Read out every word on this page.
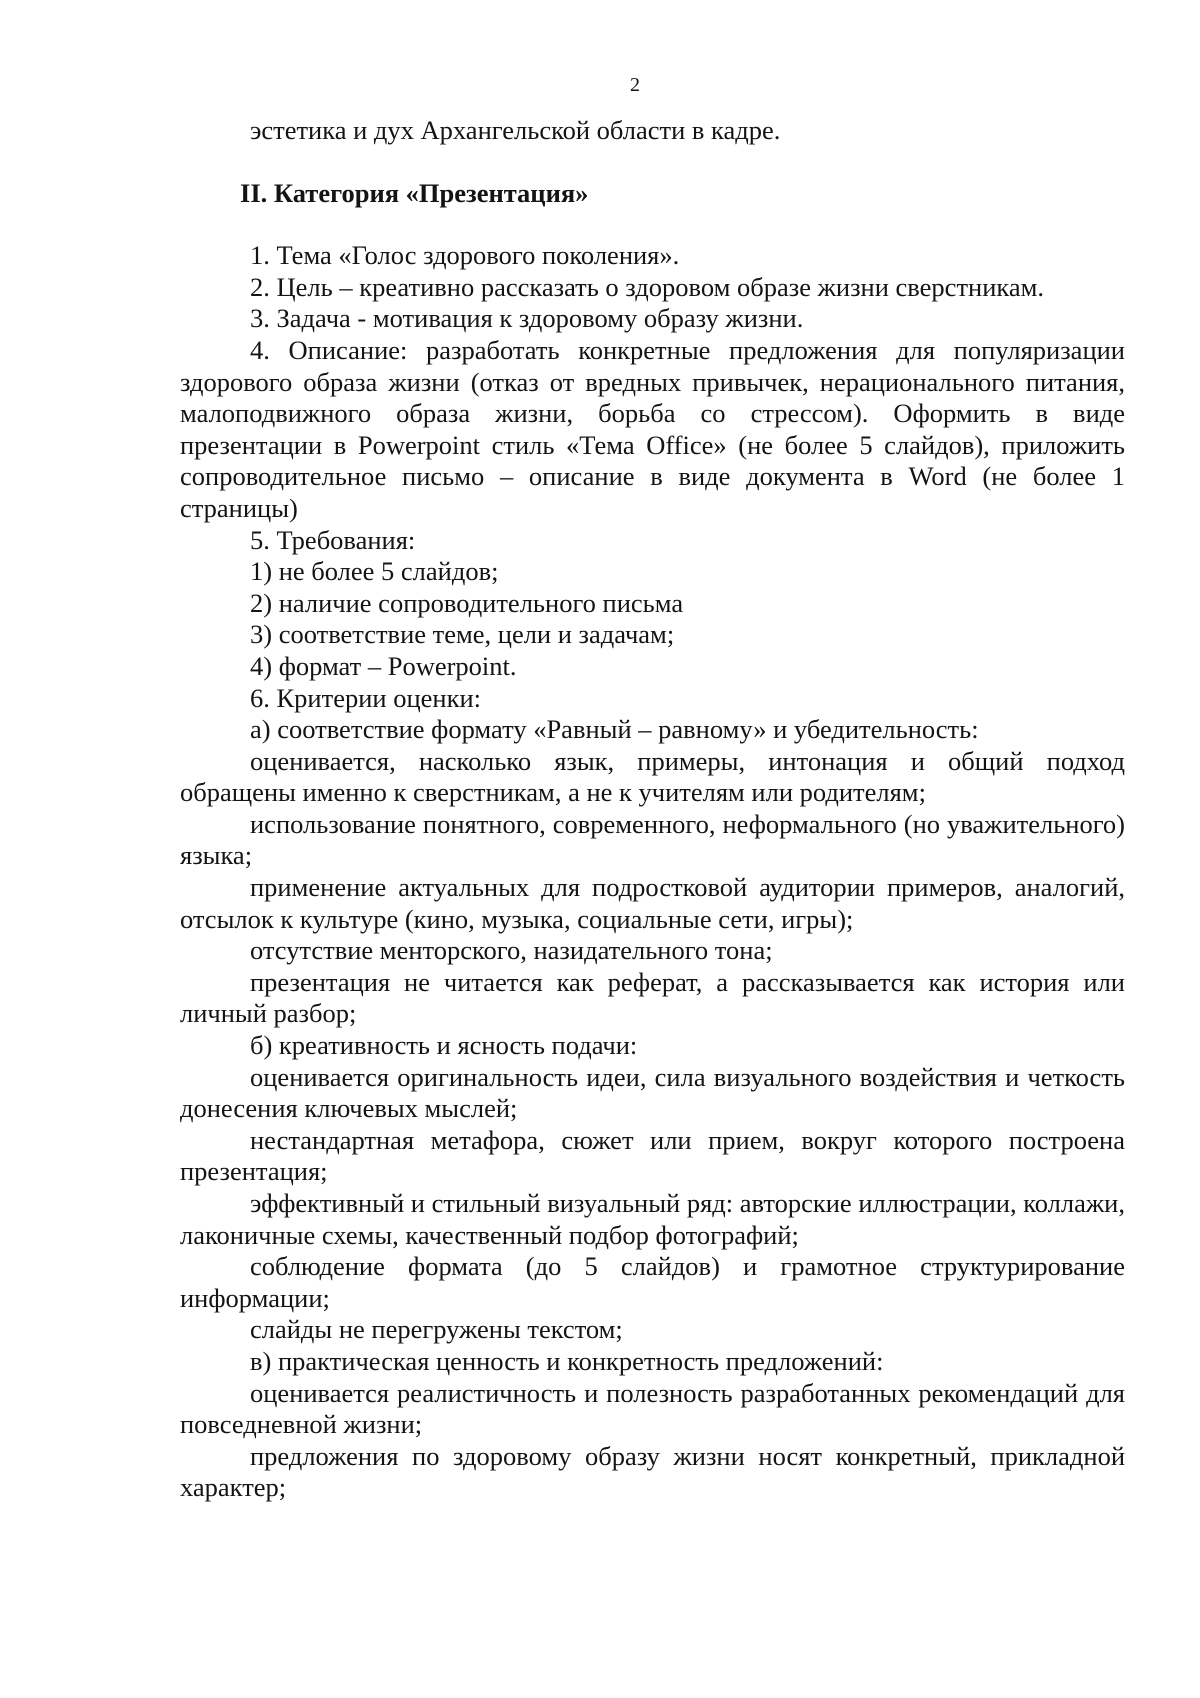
2

эстетика и дух Архангельской области в кадре.

II. Категория «Презентация»

1. Тема «Голос здорового поколения».

2. Цель – креативно рассказать о здоровом образе жизни сверстникам.

3. Задача - мотивация к здоровому образу жизни.

4. Описание: разработать конкретные предложения для популяризации здорового образа жизни (отказ от вредных привычек, нерационального питания, малоподвижного образа жизни, борьба со стрессом). Оформить в виде презентации в Powerpoint стиль «Тема Office» (не более 5 слайдов), приложить сопроводительное письмо – описание в виде документа в Word (не более 1 страницы)

5. Требования:

1) не более 5 слайдов;

2) наличие сопроводительного письма

3) соответствие теме, цели и задачам;

4) формат – Powerpoint.

6. Критерии оценки:

а) соответствие формату «Равный – равному» и убедительность:

оценивается, насколько язык, примеры, интонация и общий подход обращены именно к сверстникам, а не к учителям или родителям;

использование понятного, современного, неформального (но уважительного) языка;

применение актуальных для подростковой аудитории примеров, аналогий, отсылок к культуре (кино, музыка, социальные сети, игры);

отсутствие менторского, назидательного тона;

презентация не читается как реферат, а рассказывается как история или личный разбор;

б) креативность и ясность подачи:

оценивается оригинальность идеи, сила визуального воздействия и четкость донесения ключевых мыслей;

нестандартная метафора, сюжет или прием, вокруг которого построена презентация;

эффективный и стильный визуальный ряд: авторские иллюстрации, коллажи, лаконичные схемы, качественный подбор фотографий;

соблюдение формата (до 5 слайдов) и грамотное структурирование информации;

слайды не перегружены текстом;

в) практическая ценность и конкретность предложений:

оценивается реалистичность и полезность разработанных рекомендаций для повседневной жизни;

предложения по здоровому образу жизни носят конкретный, прикладной характер;
